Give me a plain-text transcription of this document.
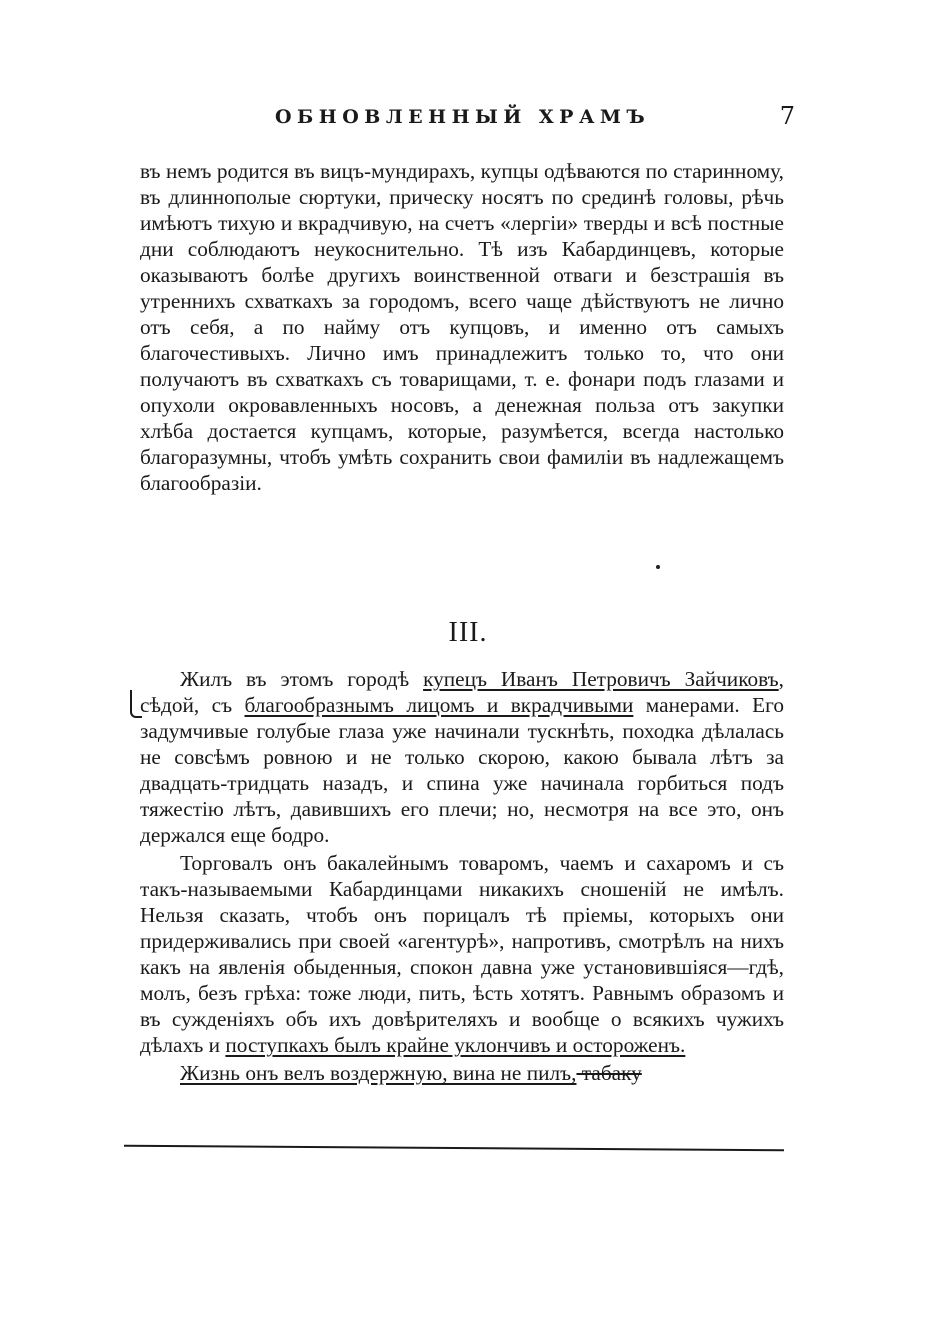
ОБНОВЛЕННЫЙ ХРАМЪ	7

въ немъ родится въ вицъ-мундирахъ, купцы одѣваются по старинному, въ длиннополые сюртуки, прическу носятъ по срединѣ головы, рѣчь имѣютъ тихую и вкрадчивую, на счетъ «лергіи» тверды и всѣ постные дни соблюдаютъ неукоснительно. Тѣ изъ Кабардинцевъ, которые оказываютъ болѣе другихъ воинственной отваги и безстрашія въ утреннихъ схваткахъ за городомъ, всего чаще дѣйствуютъ не лично отъ себя, а по найму отъ купцовъ, и именно отъ самыхъ благочестивыхъ. Лично имъ принадлежитъ только то, что они получаютъ въ схваткахъ съ товарищами, т. е. фонари подъ глазами и опухоли окровавленныхъ носовъ, а денежная польза отъ закупки хлѣба достается купцамъ, которые, разумѣется, всегда настолько благоразумны, чтобъ умѣть сохранить свои фамиліи въ надлежащемъ благообразіи.

III.

Жилъ въ этомъ городѣ купецъ Иванъ Петровичъ Зайчиковъ, сѣдой, съ благообразнымъ лицомъ и вкрадчивыми манерами. Его задумчивые голубые глаза уже начинали тускнѣть, походка дѣлалась не совсѣмъ ровною и не только скорою, какою бывала лѣтъ за двадцать-тридцать назадъ, и спина уже начинала горбиться подъ тяжестію лѣтъ, давившихъ его плечи; но, несмотря на все это, онъ держался еще бодро.

Торговалъ онъ бакалейнымъ товаромъ, чаемъ и сахаромъ и съ такъ-называемыми Кабардинцами никакихъ сношеній не имѣлъ. Нельзя сказать, чтобъ онъ порицалъ тѣ пріемы, которыхъ они придерживались при своей «агентурѣ», напротивъ, смотрѣлъ на нихъ какъ на явленія обыденныя, спокон давна уже установившіяся—гдѣ, молъ, безъ грѣха: тоже люди, пить, ѣсть хотятъ. Равнымъ образомъ и въ сужденіяхъ объ ихъ довѣрителяхъ и вообще о всякихъ чужихъ дѣлахъ и поступкахъ былъ крайне уклончивъ и остороженъ.

Жизнь онъ велъ воздержную, вина не пилъ, табаку
